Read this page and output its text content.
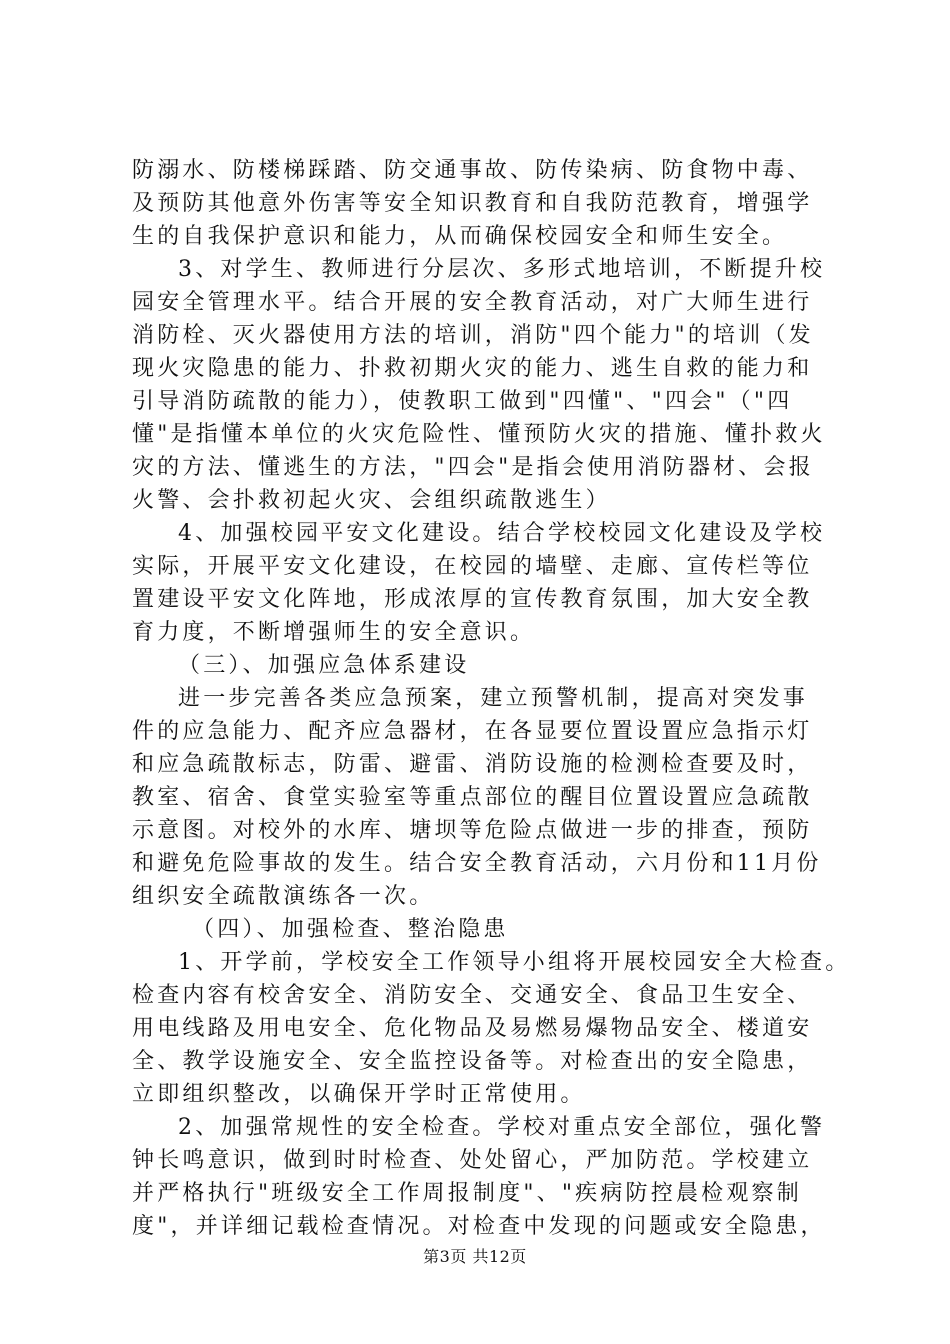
防溺水、防楼梯踩踏、防交通事故、防传染病、防食物中毒、
及预防其他意外伤害等安全知识教育和自我防范教育，增强学
生的自我保护意识和能力，从而确保校园安全和师生安全。
3、对学生、教师进行分层次、多形式地培训，不断提升校
园安全管理水平。结合开展的安全教育活动，对广大师生进行
消防栓、灭火器使用方法的培训，消防"四个能力"的培训（发
现火灾隐患的能力、扑救初期火灾的能力、逃生自救的能力和
引导消防疏散的能力），使教职工做到"四懂"、"四会"（"四
懂"是指懂本单位的火灾危险性、懂预防火灾的措施、懂扑救火
灾的方法、懂逃生的方法，"四会"是指会使用消防器材、会报
火警、会扑救初起火灾、会组织疏散逃生）
4、加强校园平安文化建设。结合学校校园文化建设及学校
实际，开展平安文化建设，在校园的墙壁、走廊、宣传栏等位
置建设平安文化阵地，形成浓厚的宣传教育氛围，加大安全教
育力度，不断增强师生的安全意识。
（三）、加强应急体系建设
进一步完善各类应急预案，建立预警机制，提高对突发事
件的应急能力、配齐应急器材，在各显要位置设置应急指示灯
和应急疏散标志，防雷、避雷、消防设施的检测检查要及时，
教室、宿舍、食堂实验室等重点部位的醒目位置设置应急疏散
示意图。对校外的水库、塘坝等危险点做进一步的排查，预防
和避免危险事故的发生。结合安全教育活动，六月份和11月份
组织安全疏散演练各一次。
（四）、加强检查、整治隐患
1、开学前，学校安全工作领导小组将开展校园安全大检查。
检查内容有校舍安全、消防安全、交通安全、食品卫生安全、
用电线路及用电安全、危化物品及易燃易爆物品安全、楼道安
全、教学设施安全、安全监控设备等。对检查出的安全隐患，
立即组织整改，以确保开学时正常使用。
2、加强常规性的安全检查。学校对重点安全部位，强化警
钟长鸣意识，做到时时检查、处处留心，严加防范。学校建立
并严格执行"班级安全工作周报制度"、"疾病防控晨检观察制
度"，并详细记载检查情况。对检查中发现的问题或安全隐患，
第3页 共12页
